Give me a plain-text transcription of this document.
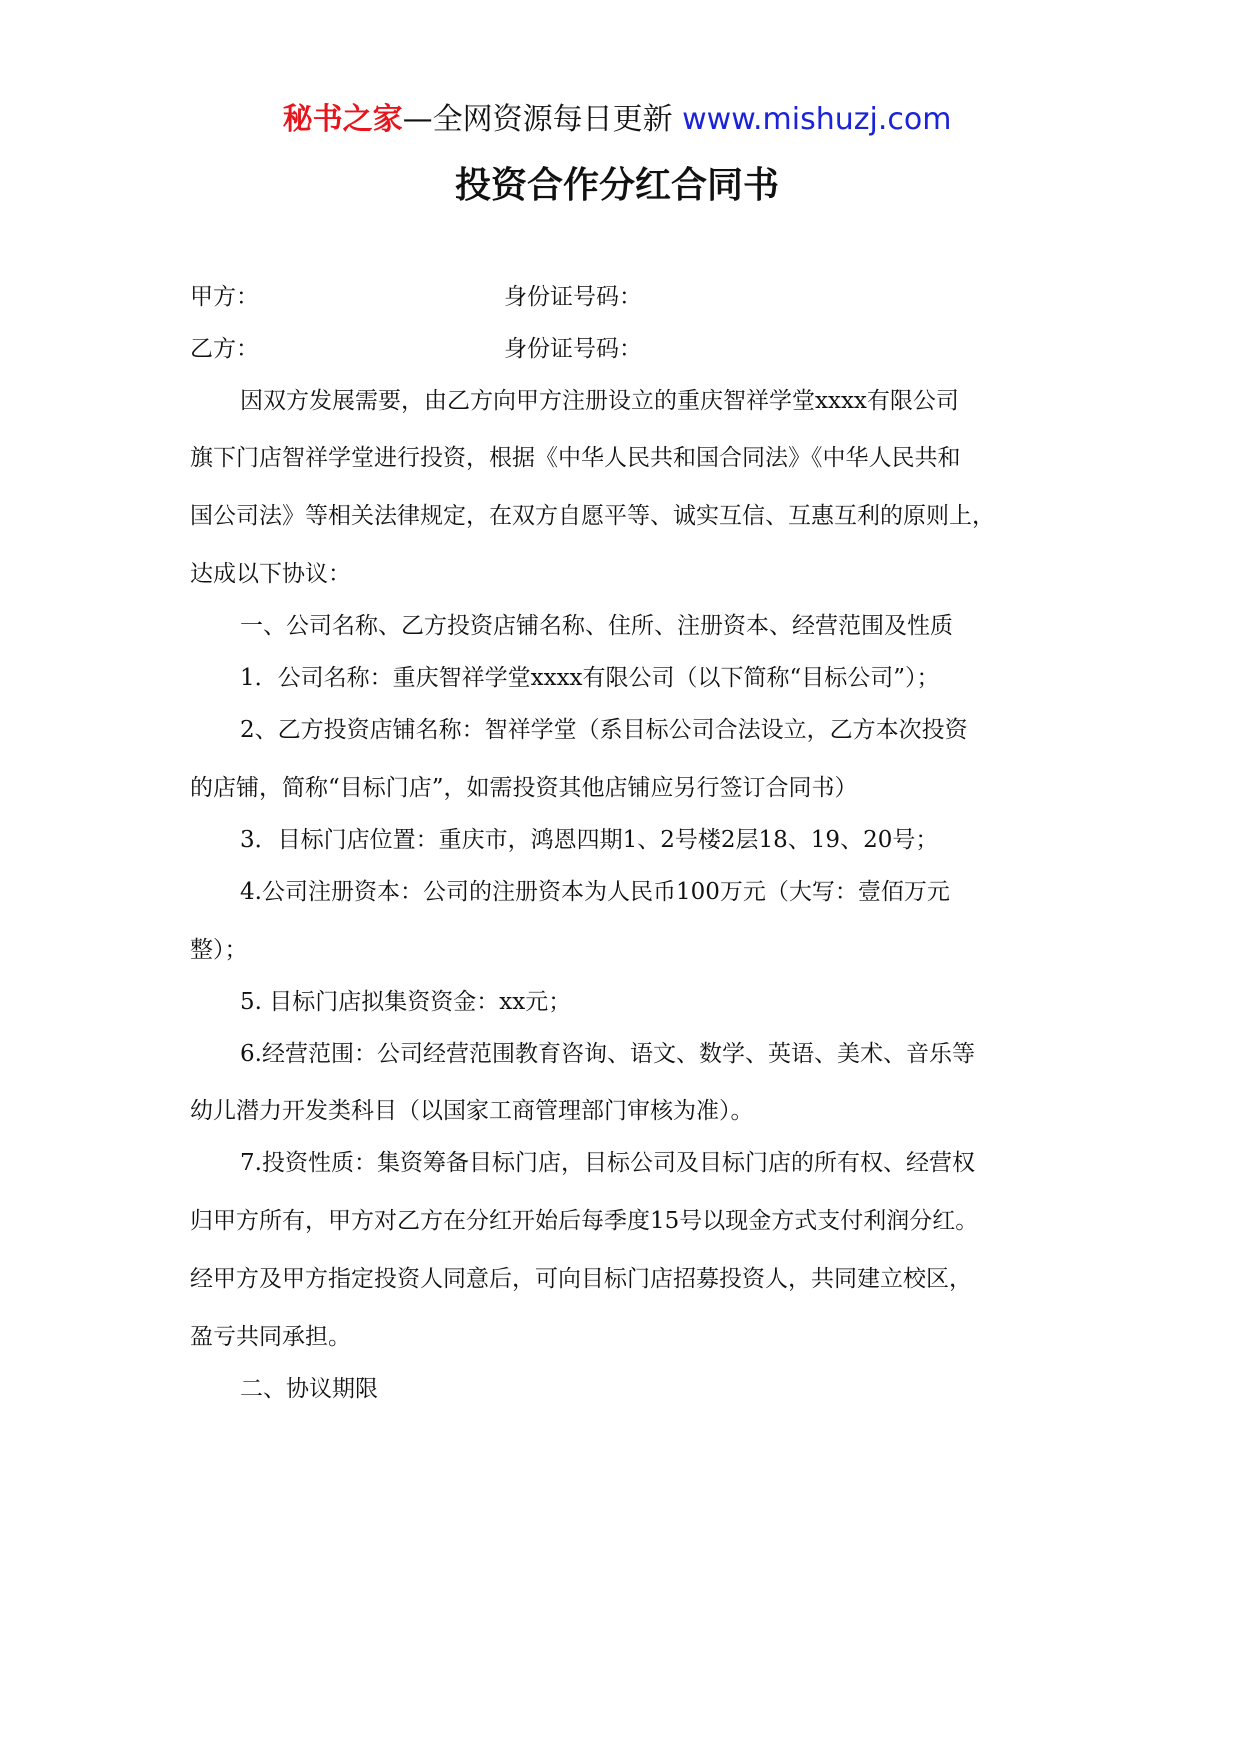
秘书之家—全网资源每日更新 www.mishuzj.com
投资合作分红合同书
甲方：	身份证号码：
乙方：	身份证号码：
因双方发展需要，由乙方向甲方注册设立的重庆智祥学堂xxxx有限公司
旗下门店智祥学堂进行投资，根据《中华人民共和国合同法》《中华人民共和
国公司法》等相关法律规定，在双方自愿平等、诚实互信、互惠互利的原则上，
达成以下协议：
一、公司名称、乙方投资店铺名称、住所、注册资本、经营范围及性质
1．公司名称：重庆智祥学堂xxxx有限公司（以下简称“目标公司”）；
2、乙方投资店铺名称：智祥学堂（系目标公司合法设立，乙方本次投资
的店铺，简称“目标门店”，如需投资其他店铺应另行签订合同书）
3．目标门店位置：重庆市，鸿恩四期1、2号楼2层18、19、20号；
4.公司注册资本：公司的注册资本为人民币100万元（大写：壹佰万元
整）；
5. 目标门店拟集资资金：xx元；
6.经营范围：公司经营范围教育咨询、语文、数学、英语、美术、音乐等
幼儿潜力开发类科目（以国家工商管理部门审核为准）。
7.投资性质：集资筹备目标门店，目标公司及目标门店的所有权、经营权
归甲方所有，甲方对乙方在分红开始后每季度15号以现金方式支付利润分红。
经甲方及甲方指定投资人同意后，可向目标门店招募投资人，共同建立校区，
盈亏共同承担。
二、协议期限
